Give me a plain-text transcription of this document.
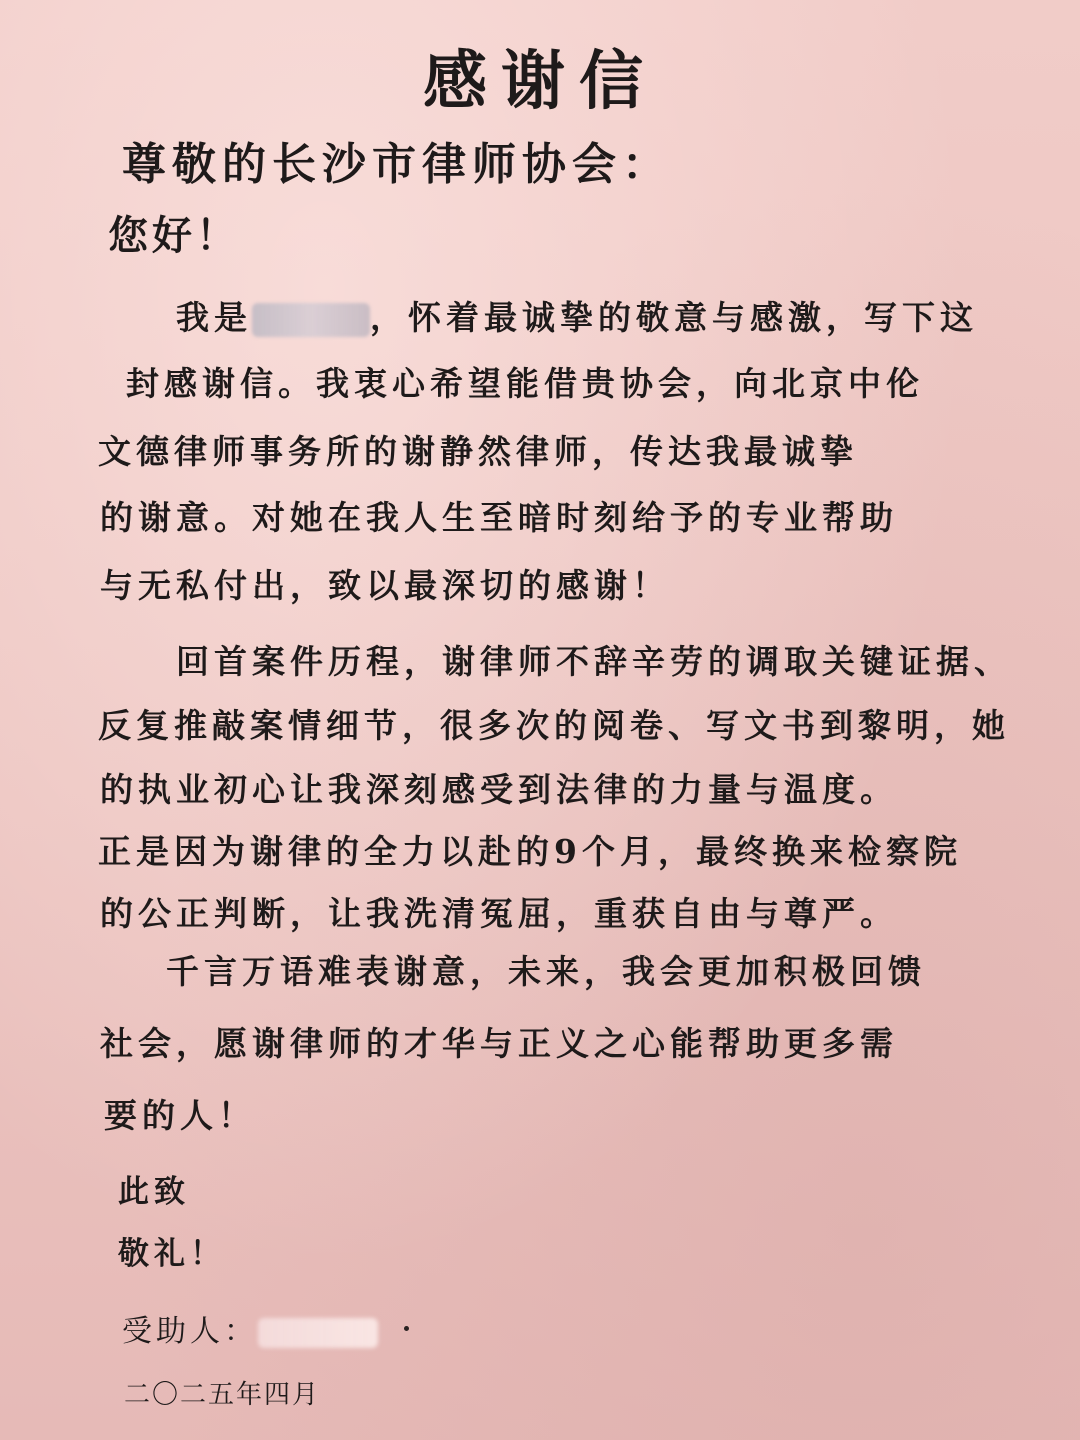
感谢信
尊敬的长沙市律师协会：
您好！
我是	，怀着最诚挚的敬意与感激，写下这
封感谢信。我衷心希望能借贵协会，向北京中伦
文德律师事务所的谢静然律师，传达我最诚挚
的谢意。对她在我人生至暗时刻给予的专业帮助
与无私付出，致以最深切的感谢！
回首案件历程，谢律师不辞辛劳的调取关键证据、
反复推敲案情细节，很多次的阅卷、写文书到黎明，她
的执业初心让我深刻感受到法律的力量与温度。
正是因为谢律的全力以赴的9个月，最终换来检察院
的公正判断，让我洗清冤屈，重获自由与尊严。
千言万语难表谢意，未来，我会更加积极回馈
社会，愿谢律师的才华与正义之心能帮助更多需
要的人！
此致
敬礼！
受助人：
二〇二五年四月
